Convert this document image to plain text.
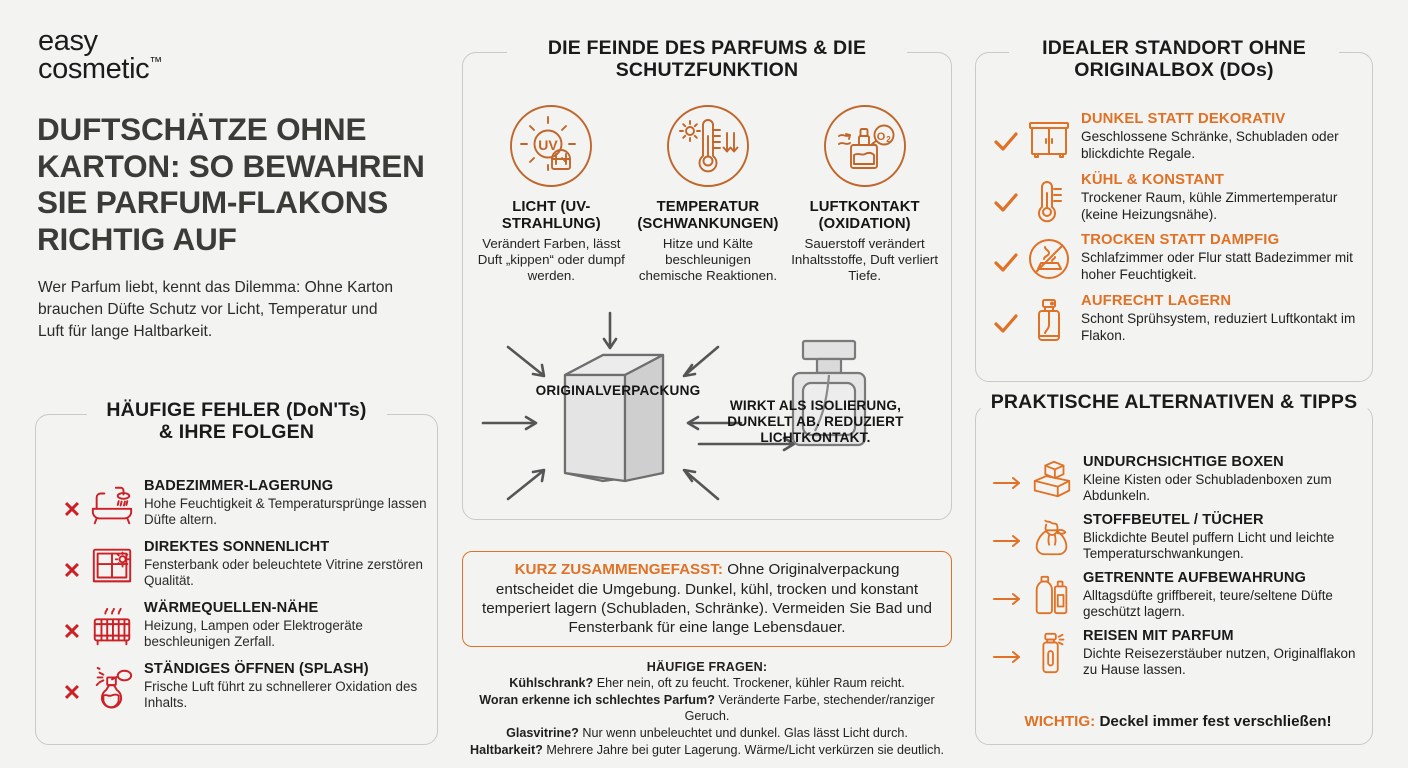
easy
cosmetic™
DUFTSCHÄTZE OHNE KARTON: SO BEWAHREN SIE PARFUM-FLAKONS RICHTIG AUF

Wer Parfum liebt, kennt das Dilemma: Ohne Karton brauchen Düfte Schutz vor Licht, Temperatur und Luft für lange Haltbarkeit.

HÄUFIGE FEHLER (DoN'Ts) & IHRE FOLGEN
✕
BADEZIMMER-LAGERUNG
Hohe Feuchtigkeit & Temperatursprünge lassen Düfte altern.
✕
DIREKTES SONNENLICHT
Fensterbank oder beleuchtete Vitrine zerstören Qualität.
✕
WÄRMEQUELLEN-NÄHE
Heizung, Lampen oder Elektrogeräte beschleunigen Zerfall.
✕
STÄNDIGES ÖFFNEN (SPLASH)
Frische Luft führt zu schnellerer Oxidation des Inhalts.
DIE FEINDE DES PARFUMS & DIE SCHUTZFUNKTION
UV
LICHT (UV-STRAHLUNG)
Verändert Farben, lässt Duft „kippen“ oder dumpf werden.
TEMPERATUR (SCHWANKUNGEN)
Hitze und Kälte beschleunigen chemische Reaktionen.
O 2
LUFTKONTAKT (OXIDATION)
Sauerstoff verändert Inhaltsstoffe, Duft verliert Tiefe.
ORIGINALVERPACKUNG
WIRKT ALS ISOLIERUNG, DUNKELT AB. REDUZIERT LICHTKONTAKT.

KURZ ZUSAMMENGEFASST: Ohne Originalverpackung entscheidet die Umgebung. Dunkel, kühl, trocken und konstant temperiert lagern (Schubladen, Schränke). Vermeiden Sie Bad und Fensterbank für eine lange Lebensdauer.

HÄUFIGE FRAGEN:
Kühlschrank? Eher nein, oft zu feucht. Trockener, kühler Raum reicht.
Woran erkenne ich schlechtes Parfum? Veränderte Farbe, stechender/ranziger Geruch.
Glasvitrine? Nur wenn unbeleuchtet und dunkel. Glas lässt Licht durch.
Haltbarkeit? Mehrere Jahre bei guter Lagerung. Wärme/Licht verkürzen sie deutlich.
IDEALER STANDORT OHNE ORIGINALBOX (DOs)
DUNKEL STATT DEKORATIV
Geschlossene Schränke, Schubladen oder blickdichte Regale.
KÜHL & KONSTANT
Trockener Raum, kühle Zimmertemperatur (keine Heizungsnähe).
TROCKEN STATT DAMPFIG
Schlafzimmer oder Flur statt Badezimmer mit hoher Feuchtigkeit.
AUFRECHT LAGERN
Schont Sprühsystem, reduziert Luftkontakt im Flakon.
PRAKTISCHE ALTERNATIVEN & TIPPS
UNDURCHSICHTIGE BOXEN
Kleine Kisten oder Schubladenboxen zum Abdunkeln.
STOFFBEUTEL / TÜCHER
Blickdichte Beutel puffern Licht und leichte Temperaturschwankungen.
GETRENNTE AUFBEWAHRUNG
Alltagsdüfte griffbereit, teure/seltene Düfte geschützt lagern.
REISEN MIT PARFUM
Dichte Reisezerstäuber nutzen, Originalflakon zu Hause lassen.
WICHTIG: Deckel immer fest verschließen!
